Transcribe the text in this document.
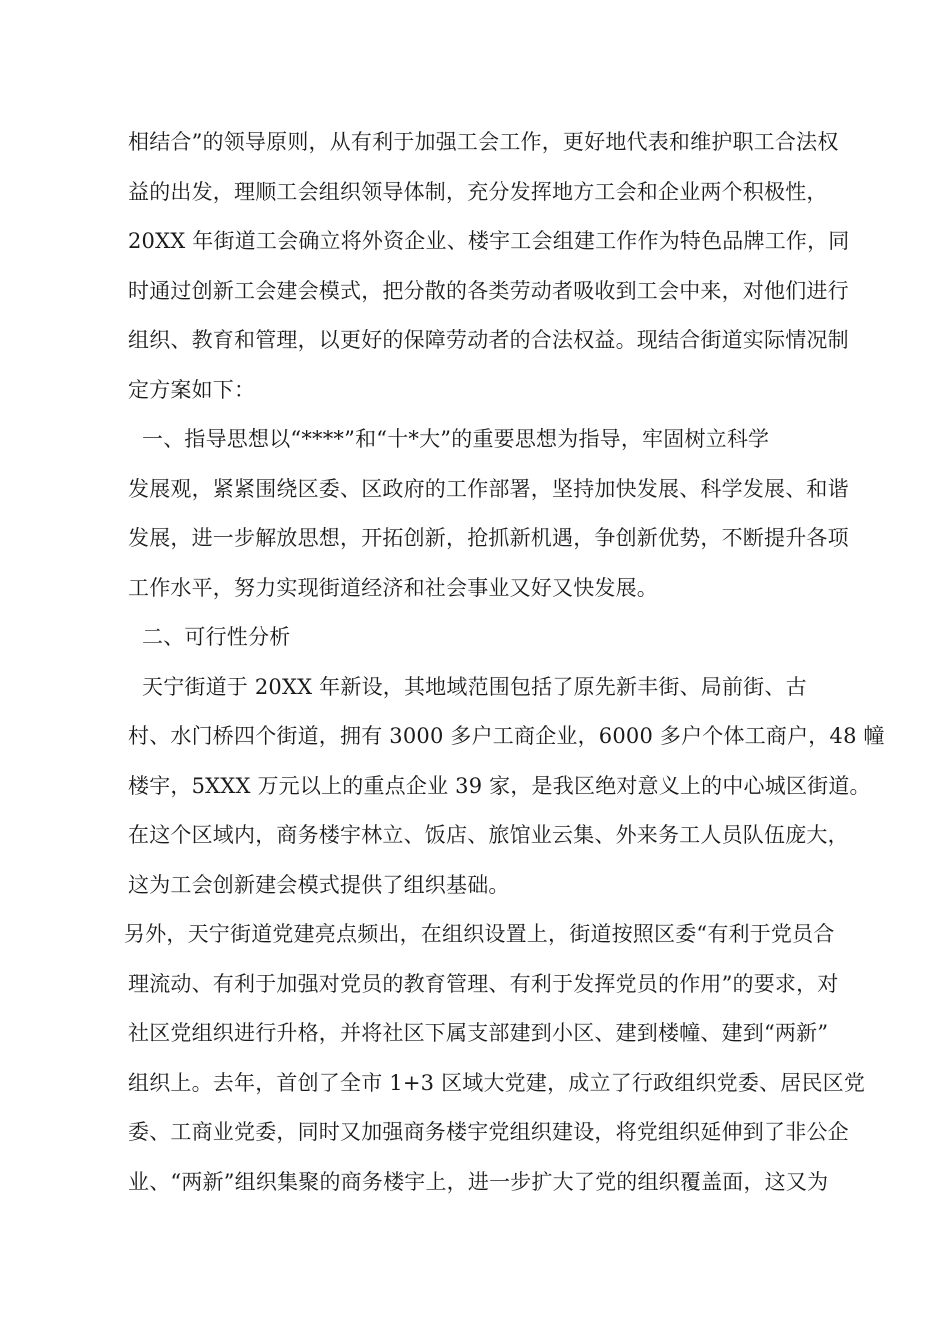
相结合”的领导原则，从有利于加强工会工作，更好地代表和维护职工合法权
益的出发，理顺工会组织领导体制，充分发挥地方工会和企业两个积极性，
20XX 年街道工会确立将外资企业、楼宇工会组建工作作为特色品牌工作，同
时通过创新工会建会模式，把分散的各类劳动者吸收到工会中来，对他们进行
组织、教育和管理，以更好的保障劳动者的合法权益。现结合街道实际情况制
定方案如下：
一、指导思想以“****”和“十*大”的重要思想为指导，牢固树立科学
发展观，紧紧围绕区委、区政府的工作部署，坚持加快发展、科学发展、和谐
发展，进一步解放思想，开拓创新，抢抓新机遇，争创新优势，不断提升各项
工作水平，努力实现街道经济和社会事业又好又快发展。
二、可行性分析
天宁街道于 20XX 年新设，其地域范围包括了原先新丰街、局前街、古
村、水门桥四个街道，拥有 3000 多户工商企业，6000 多户个体工商户，48 幢
楼宇，5XXX 万元以上的重点企业 39 家，是我区绝对意义上的中心城区街道。
在这个区域内，商务楼宇林立、饭店、旅馆业云集、外来务工人员队伍庞大，
这为工会创新建会模式提供了组织基础。
另外，天宁街道党建亮点频出，在组织设置上，街道按照区委“有利于党员合
理流动、有利于加强对党员的教育管理、有利于发挥党员的作用”的要求，对
社区党组织进行升格，并将社区下属支部建到小区、建到楼幢、建到“两新”
组织上。去年，首创了全市 1+3 区域大党建，成立了行政组织党委、居民区党
委、工商业党委，同时又加强商务楼宇党组织建设，将党组织延伸到了非公企
业、“两新”组织集聚的商务楼宇上，进一步扩大了党的组织覆盖面，这又为
